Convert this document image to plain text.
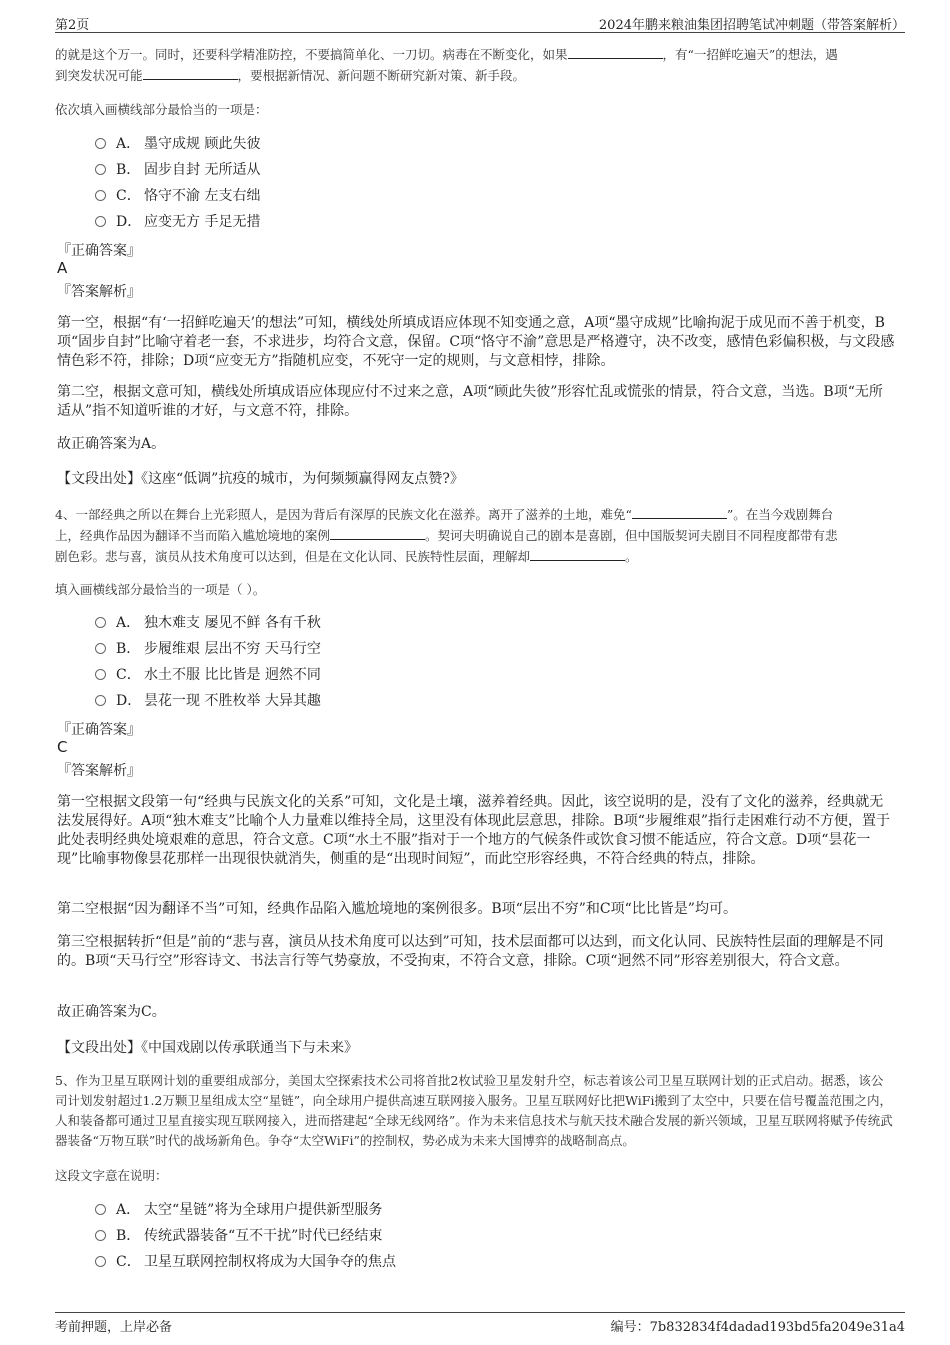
第2页	2024年鹏来粮油集团招聘笔试冲刺题（带答案解析）
的就是这个万一。同时，还要科学精准防控，不要搞简单化、一刀切。病毒在不断变化，如果	，有“一招鲜吃遍天”的想法，遇
到突发状况可能	，要根据新情况、新问题不断研究新对策、新手段。
依次填入画横线部分最恰当的一项是：
A． 墨守成规 顾此失彼
B． 固步自封 无所适从
C． 恪守不渝 左支右绌
D． 应变无方 手足无措
『正确答案』
A
『答案解析』
第一空，根据“有‘一招鲜吃遍天’的想法”可知，横线处所填成语应体现不知变通之意，A项“墨守成规”比喻拘泥于成见而不善于机变，B项“固步自封”比喻守着老一套，不求进步，均符合文意，保留。C项“恪守不渝”意思是严格遵守，决不改变，感情色彩偏积极，与文段感情色彩不符，排除；D项“应变无方”指随机应变，不死守一定的规则，与文意相悖，排除。
第二空，根据文意可知，横线处所填成语应体现应付不过来之意，A项“顾此失彼”形容忙乱或慌张的情景，符合文意，当选。B项“无所适从”指不知道听谁的才好，与文意不符，排除。
故正确答案为A。
【文段出处】《这座“低调”抗疫的城市，为何频频赢得网友点赞?》
4、一部经典之所以在舞台上光彩照人，是因为背后有深厚的民族文化在滋养。离开了滋养的土地，难免“	”。在当今戏剧舞台
上，经典作品因为翻译不当而陷入尴尬境地的案例	。契诃夫明确说自己的剧本是喜剧，但中国版契诃夫剧目不同程度都带有悲
剧色彩。悲与喜，演员从技术角度可以达到，但是在文化认同、民族特性层面，理解却	。
填入画横线部分最恰当的一项是（ ）。
A． 独木难支 屡见不鲜 各有千秋
B． 步履维艰 层出不穷 天马行空
C． 水土不服 比比皆是 迥然不同
D． 昙花一现 不胜枚举 大异其趣
『正确答案』
C
『答案解析』
第一空根据文段第一句“经典与民族文化的关系”可知，文化是土壤，滋养着经典。因此，该空说明的是，没有了文化的滋养，经典就无法发展得好。A项“独木难支”比喻个人力量难以维持全局，这里没有体现此层意思，排除。B项“步履维艰”指行走困难行动不方便，置于此处表明经典处境艰难的意思，符合文意。C项“水土不服”指对于一个地方的气候条件或饮食习惯不能适应，符合文意。D项“昙花一现”比喻事物像昙花那样一出现很快就消失，侧重的是“出现时间短”，而此空形容经典，不符合经典的特点，排除。
第二空根据“因为翻译不当”可知，经典作品陷入尴尬境地的案例很多。B项“层出不穷”和C项“比比皆是”均可。
第三空根据转折“但是”前的“悲与喜，演员从技术角度可以达到”可知，技术层面都可以达到，而文化认同、民族特性层面的理解是不同的。B项“天马行空”形容诗文、书法言行等气势豪放，不受拘束，不符合文意，排除。C项“迥然不同”形容差别很大，符合文意。
故正确答案为C。
【文段出处】《中国戏剧以传承联通当下与未来》
5、作为卫星互联网计划的重要组成部分，美国太空探索技术公司将首批2枚试验卫星发射升空，标志着该公司卫星互联网计划的正式启动。据悉，该公司计划发射超过1.2万颗卫星组成太空“星链”，向全球用户提供高速互联网接入服务。卫星互联网好比把WiFi搬到了太空中，只要在信号覆盖范围之内，人和装备都可通过卫星直接实现互联网接入，进而搭建起“全球无线网络”。作为未来信息技术与航天技术融合发展的新兴领域，卫星互联网将赋予传统武器装备“万物互联”时代的战场新角色。争夺“太空WiFi”的控制权，势必成为未来大国博弈的战略制高点。
这段文字意在说明：
A． 太空“星链”将为全球用户提供新型服务
B． 传统武器装备“互不干扰”时代已经结束
C． 卫星互联网控制权将成为大国争夺的焦点
考前押题，上岸必备	编号：7b832834f4dadad193bd5fa2049e31a4
